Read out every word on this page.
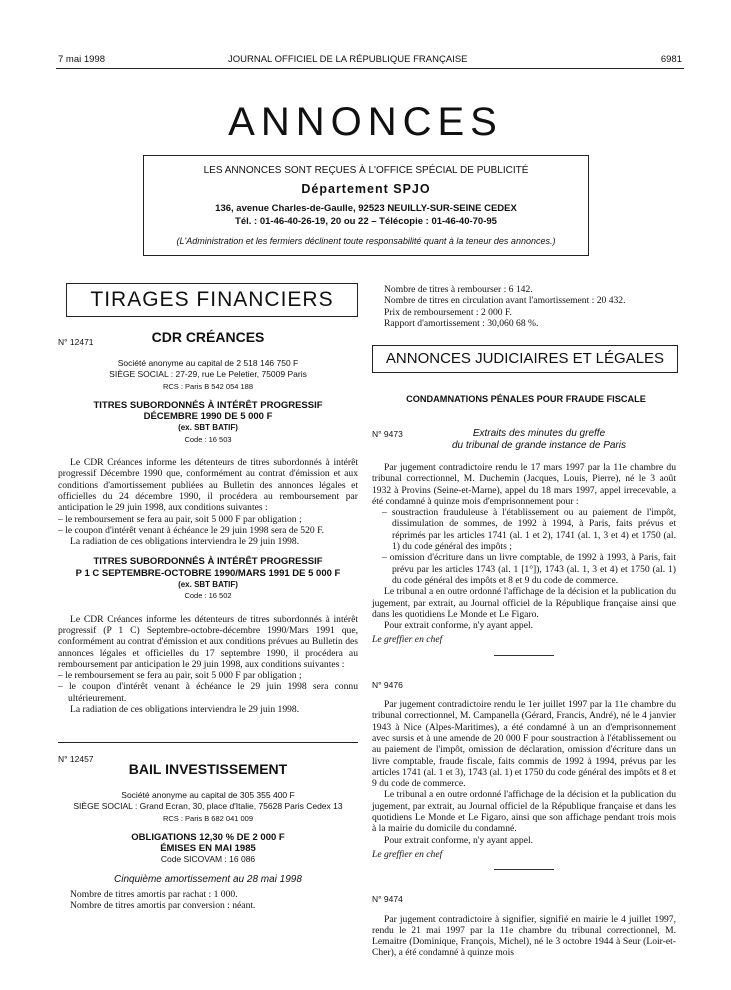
7 mai 1998	JOURNAL OFFICIEL DE LA RÉPUBLIQUE FRANÇAISE	6981
ANNONCES
LES ANNONCES SONT REÇUES À L'OFFICE SPÉCIAL DE PUBLICITÉ
Département SPJO
136, avenue Charles-de-Gaulle, 92523 NEUILLY-SUR-SEINE CEDEX
Tél. : 01-46-40-26-19, 20 ou 22 – Télécopie : 01-46-40-70-95
(L'Administration et les fermiers déclinent toute responsabilité quant à la teneur des annonces.)
TIRAGES FINANCIERS
N° 12471	CDR CRÉANCES
Société anonyme au capital de 2 518 146 750 F
SIÈGE SOCIAL : 27-29, rue Le Peletier, 75009 Paris
RCS : Paris B 542 054 188
TITRES SUBORDONNÉS À INTÉRÊT PROGRESSIF
DÉCEMBRE 1990 DE 5 000 F
(ex. SBT BATIF)
Code : 16 503

Le CDR Créances informe les détenteurs de titres subordonnés à intérêt progressif Décembre 1990 que, conformément au contrat d'émission et aux conditions d'amortissement publiées au Bulletin des annonces légales et officielles du 24 décembre 1990, il procédera au remboursement par anticipation le 29 juin 1998, aux conditions suivantes :

– le remboursement se fera au pair, soit 5 000 F par obligation ;

– le coupon d'intérêt venant à échéance le 29 juin 1998 sera de 520 F.

La radiation de ces obligations interviendra le 29 juin 1998.

TITRES SUBORDONNÉS À INTÉRÊT PROGRESSIF
P 1 C SEPTEMBRE-OCTOBRE 1990/MARS 1991 DE 5 000 F
(ex. SBT BATIF)
Code : 16 502

Le CDR Créances informe les détenteurs de titres subordonnés à intérêt progressif (P 1 C) Septembre-octobre-décembre 1990/Mars 1991 que, conformément au contrat d'émission et aux conditions prévues au Bulletin des annonces légales et officielles du 17 septembre 1990, il procédera au remboursement par anticipation le 29 juin 1998, aux conditions suivantes :

– le remboursement se fera au pair, soit 5 000 F par obligation ;

– le coupon d'intérêt venant à échéance le 29 juin 1998 sera connu ultérieurement.

La radiation de ces obligations interviendra le 29 juin 1998.

N° 12457
BAIL INVESTISSEMENT
Société anonyme au capital de 305 355 400 F
SIÈGE SOCIAL : Grand Ecran, 30, place d'Italie, 75628 Paris Cedex 13
RCS : Paris B 682 041 009
OBLIGATIONS 12,30 % DE 2 000 F
ÉMISES EN MAI 1985
Code SICOVAM : 16 086
Cinquième amortissement au 28 mai 1998

Nombre de titres amortis par rachat : 1 000.

Nombre de titres amortis par conversion : néant.

Nombre de titres à rembourser : 6 142.

Nombre de titres en circulation avant l'amortissement : 20 432.

Prix de remboursement : 2 000 F.

Rapport d'amortissement : 30,060 68 %.

ANNONCES JUDICIAIRES ET LÉGALES
CONDAMNATIONS PÉNALES POUR FRAUDE FISCALE
N° 9473	Extraits des minutes du greffe
du tribunal de grande instance de Paris

Par jugement contradictoire rendu le 17 mars 1997 par la 11e chambre du tribunal correctionnel, M. Duchemin (Jacques, Louis, Pierre), né le 3 août 1932 à Provins (Seine-et-Marne), appel du 18 mars 1997, appel irrecevable, a été condamné à quinze mois d'emprisonnement pour :

– soustraction frauduleuse à l'établissement ou au paiement de l'impôt, dissimulation de sommes, de 1992 à 1994, à Paris, faits prévus et réprimés par les articles 1741 (al. 1 et 2), 1741 (al. 1, 3 et 4) et 1750 (al. 1) du code général des impôts ;

– omission d'écriture dans un livre comptable, de 1992 à 1993, à Paris, fait prévu par les articles 1743 (al. 1 [1°]), 1743 (al. 1, 3 et 4) et 1750 (al. 1) du code général des impôts et 8 et 9 du code de commerce.

Le tribunal a en outre ordonné l'affichage de la décision et la publication du jugement, par extrait, au Journal officiel de la République française ainsi que dans les quotidiens Le Monde et Le Figaro.

Pour extrait conforme, n'y ayant appel.

Le greffier en chef

N° 9476

Par jugement contradictoire rendu le 1er juillet 1997 par la 11e chambre du tribunal correctionnel, M. Campanella (Gérard, Francis, André), né le 4 janvier 1943 à Nice (Alpes-Maritimes), a été condamné à un an d'emprisonnement avec sursis et à une amende de 20 000 F pour soustraction à l'établissement ou au paiement de l'impôt, omission de déclaration, omission d'écriture dans un livre comptable, fraude fiscale, faits commis de 1992 à 1994, prévus par les articles 1741 (al. 1 et 3), 1743 (al. 1) et 1750 du code général des impôts et 8 et 9 du code de commerce.

Le tribunal a en outre ordonné l'affichage de la décision et la publication du jugement, par extrait, au Journal officiel de la République française et dans les quotidiens Le Monde et Le Figaro, ainsi que son affichage pendant trois mois à la mairie du domicile du condamné.

Pour extrait conforme, n'y ayant appel.

Le greffier en chef

N° 9474

Par jugement contradictoire à signifier, signifié en mairie le 4 juillet 1997, rendu le 21 mai 1997 par la 11e chambre du tribunal correctionnel, M. Lemaitre (Dominique, François, Michel), né le 3 octobre 1944 à Seur (Loir-et-Cher), a été condamné à quinze mois
